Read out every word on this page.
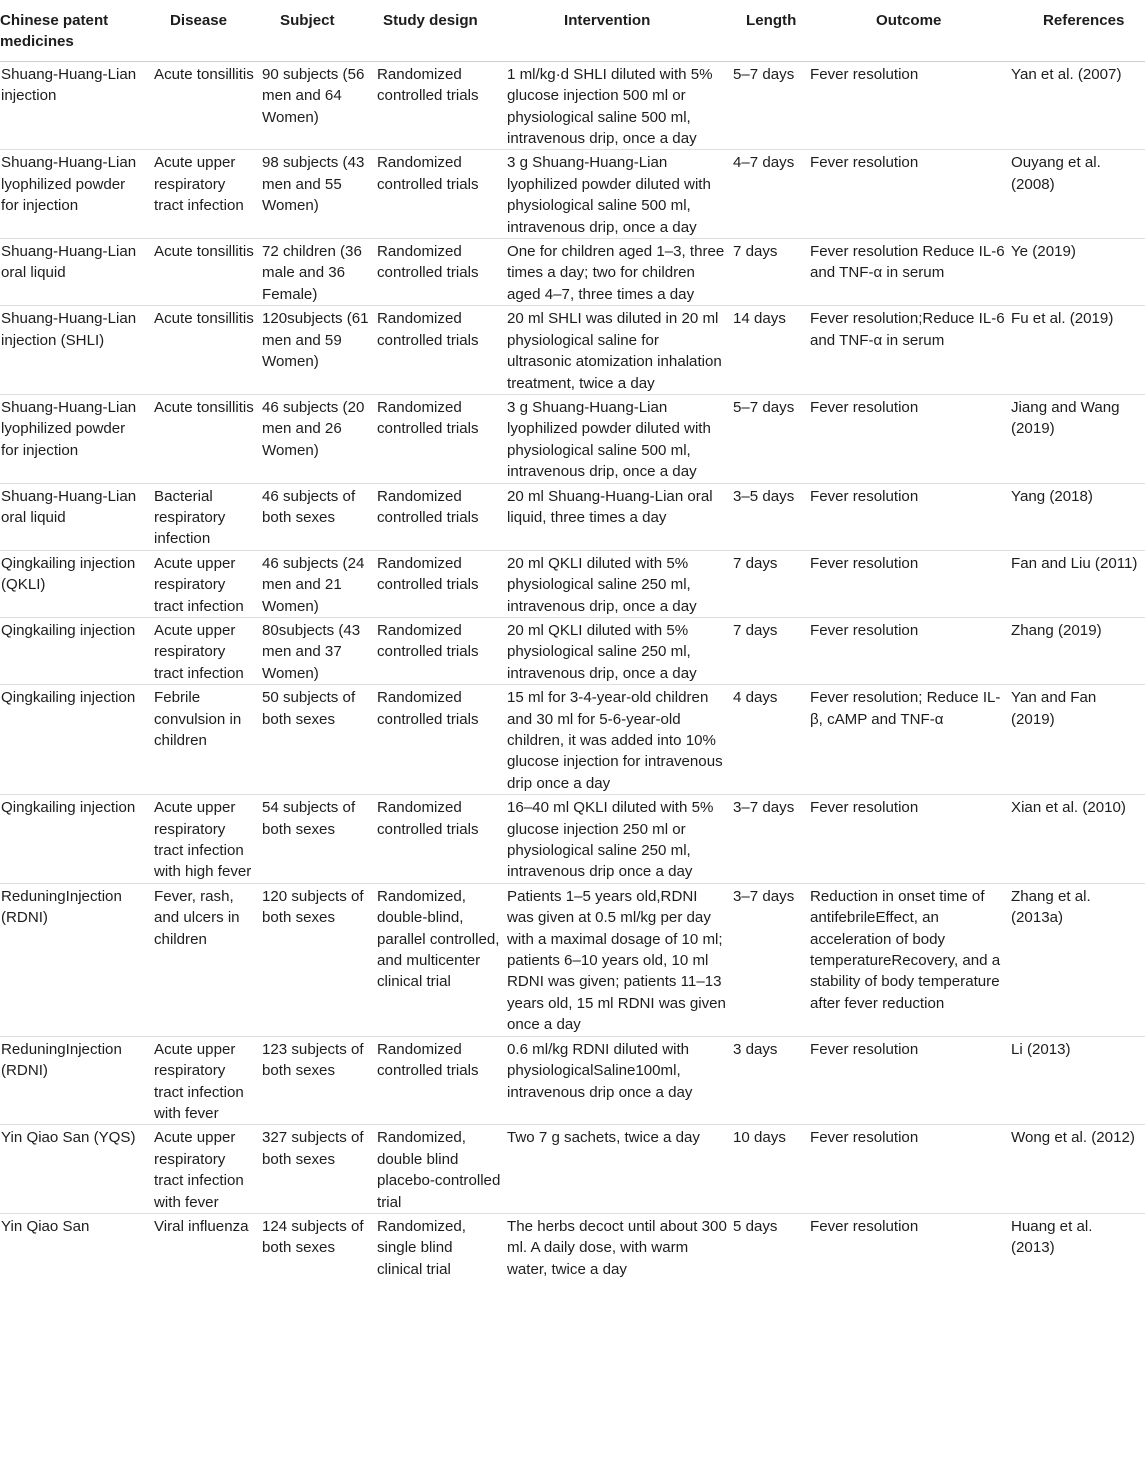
Chinese patent medicines	Disease	Subject	Study design	Intervention	Length	Outcome	References

Shuang-Huang-Lian injection	Acute tonsillitis	90 subjects (56 men and 64 Women)	Randomized controlled trials	1 ml/kg·d SHLI diluted with 5% glucose injection 500 ml or physiological saline 500 ml, intravenous drip, once a day	5–7 days	Fever resolution	Yan et al. (2007)

Shuang-Huang-Lian lyophilized powder for injection	Acute upper respiratory tract infection	98 subjects (43 men and 55 Women)	Randomized controlled trials	3 g Shuang-Huang-Lian lyophilized powder diluted with physiological saline 500 ml, intravenous drip, once a day	4–7 days	Fever resolution	Ouyang et al. (2008)

Shuang-Huang-Lian oral liquid	Acute tonsillitis	72 children (36 male and 36 Female)	Randomized controlled trials	One for children aged 1–3, three times a day; two for children aged 4–7, three times a day	7 days	Fever resolution Reduce IL-6 and TNF-α in serum	Ye (2019)

Shuang-Huang-Lian injection (SHLI)	Acute tonsillitis	120subjects (61 men and 59 Women)	Randomized controlled trials	20 ml SHLI was diluted in 20 ml physiological saline for ultrasonic atomization inhalation treatment, twice a day	14 days	Fever resolution;Reduce IL-6 and TNF-α in serum	Fu et al. (2019)

Shuang-Huang-Lian lyophilized powder for injection	Acute tonsillitis	46 subjects (20 men and 26 Women)	Randomized controlled trials	3 g Shuang-Huang-Lian lyophilized powder diluted with physiological saline 500 ml, intravenous drip, once a day	5–7 days	Fever resolution	Jiang and Wang (2019)

Shuang-Huang-Lian oral liquid	Bacterial respiratory infection	46 subjects of both sexes	Randomized controlled trials	20 ml Shuang-Huang-Lian oral liquid, three times a day	3–5 days	Fever resolution	Yang (2018)

Qingkailing injection (QKLI)	Acute upper respiratory tract infection	46 subjects (24 men and 21 Women)	Randomized controlled trials	20 ml QKLI diluted with 5% physiological saline 250 ml, intravenous drip, once a day	7 days	Fever resolution	Fan and Liu (2011)

Qingkailing injection	Acute upper respiratory tract infection	80subjects (43 men and 37 Women)	Randomized controlled trials	20 ml QKLI diluted with 5% physiological saline 250 ml, intravenous drip, once a day	7 days	Fever resolution	Zhang (2019)

Qingkailing injection	Febrile convulsion in children	50 subjects of both sexes	Randomized controlled trials	15 ml for 3-4-year-old children and 30 ml for 5-6-year-old children, it was added into 10% glucose injection for intravenous drip once a day	4 days	Fever resolution; Reduce IL-β, cAMP and TNF-α	Yan and Fan (2019)

Qingkailing injection	Acute upper respiratory tract infection with high fever	54 subjects of both sexes	Randomized controlled trials	16–40 ml QKLI diluted with 5% glucose injection 250 ml or physiological saline 250 ml, intravenous drip once a day	3–7 days	Fever resolution	Xian et al. (2010)

ReduningInjection (RDNI)	Fever, rash, and ulcers in children	120 subjects of both sexes	Randomized, double-blind, parallel controlled, and multicenter clinical trial	Patients 1–5 years old,RDNI was given at 0.5 ml/kg per day with a maximal dosage of 10 ml; patients 6–10 years old, 10 ml RDNI was given; patients 11–13 years old, 15 ml RDNI was given once a day	3–7 days	Reduction in onset time of antifebrileEffect, an acceleration of body temperatureRecovery, and a stability of body temperature after fever reduction	Zhang et al. (2013a)

ReduningInjection (RDNI)	Acute upper respiratory tract infection with fever	123 subjects of both sexes	Randomized controlled trials	0.6 ml/kg RDNI diluted with physiologicalSaline100ml, intravenous drip once a day	3 days	Fever resolution	Li (2013)

Yin Qiao San (YQS)	Acute upper respiratory tract infection with fever	327 subjects of both sexes	Randomized, double blind placebo-controlled trial	Two 7 g sachets, twice a day	10 days	Fever resolution	Wong et al. (2012)

Yin Qiao San	Viral influenza	124 subjects of both sexes	Randomized, single blind clinical trial	The herbs decoct until about 300 ml. A daily dose, with warm water, twice a day	5 days	Fever resolution	Huang et al. (2013)
